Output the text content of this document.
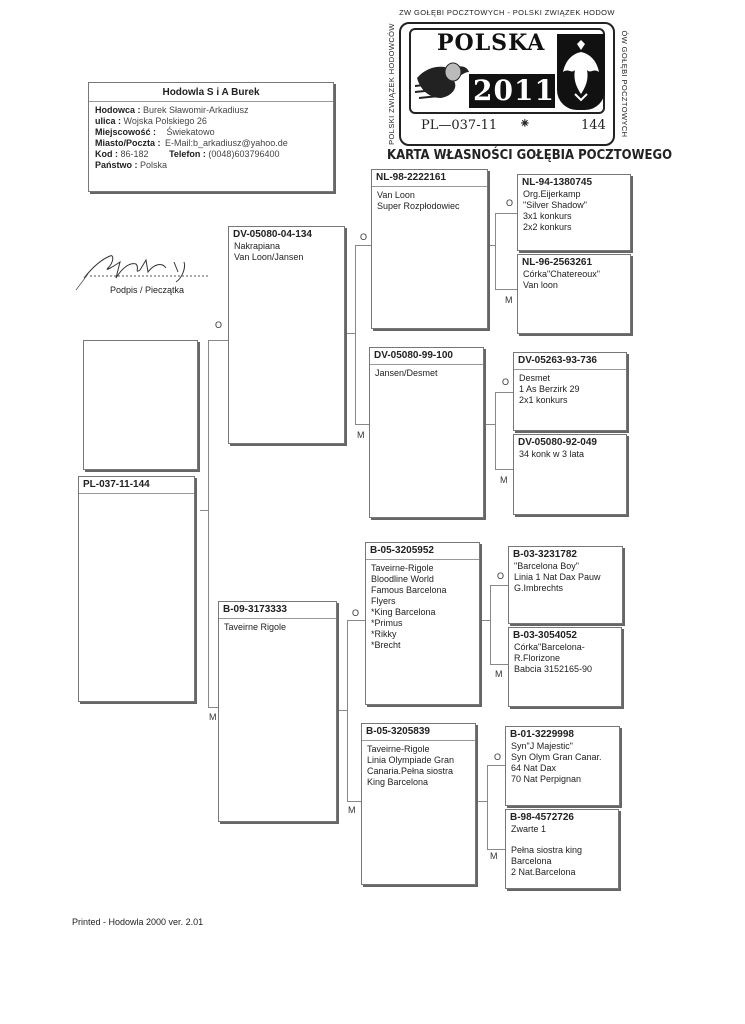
Hodowla S i A Burek
Hodowca : Burek Sławomir-Arkadiusz
ulica : Wojska Polskiego 26
Miejscowość : Świekatowo
Miasto/Poczta : E-Mail:b_arkadiusz@yahoo.de
Kod : 86-182 Telefon : (0048)603796400
Państwo : Polska
Podpis / Pieczątka
ZW GOŁĘBI POCZTOWYCH - POLSKI ZWIĄZEK HODOW
POLSKI ZWIĄZEK HODOWCÓW	ÓW GOŁĘBI POCZTOWYCH
POLSKA
2011
PL—037-11 ⁕	144
KARTA WŁASNOŚCI GOŁĘBIA POCZTOWEGO
O
M
O
M
O
M
O
M
O
M
O
M
O
M
PL-037-11-144
DV-05080-04-134
Nakrapiana
Van Loon/Jansen
B-09-3173333
Taveirne Rigole
NL-98-2222161
Van Loon
Super Rozpłodowiec
DV-05080-99-100
Jansen/Desmet
B-05-3205952
Taveirne-Rigole
Bloodline World
Famous Barcelona
Flyers
*King Barcelona
*Primus
*Rikky
*Brecht
B-05-3205839
Taveirne-Rigole
Linia Olympiade Gran
Canaria.Pełna siostra
King Barcelona
NL-94-1380745
Org.Eijerkamp
"Silver Shadow"
3x1 konkurs
2x2 konkurs
NL-96-2563261
Córka"Chatereoux"
Van loon
DV-05263-93-736
Desmet
1 As Berzirk 29
2x1 konkurs
DV-05080-92-049
34 konk w 3 lata
B-03-3231782
"Barcelona Boy"
Linia 1 Nat Dax Pauw
G.Imbrechts
B-03-3054052
Córka"Barcelona-
R.Florizone
Babcia 3152165-90
B-01-3229998
Syn"J Majestic"
Syn Olym Gran Canar.
64 Nat Dax
70 Nat Perpignan
B-98-4572726
Zwarte 1
Pełna siostra king
Barcelona
2 Nat.Barcelona
Printed - Hodowla 2000 ver. 2.01
